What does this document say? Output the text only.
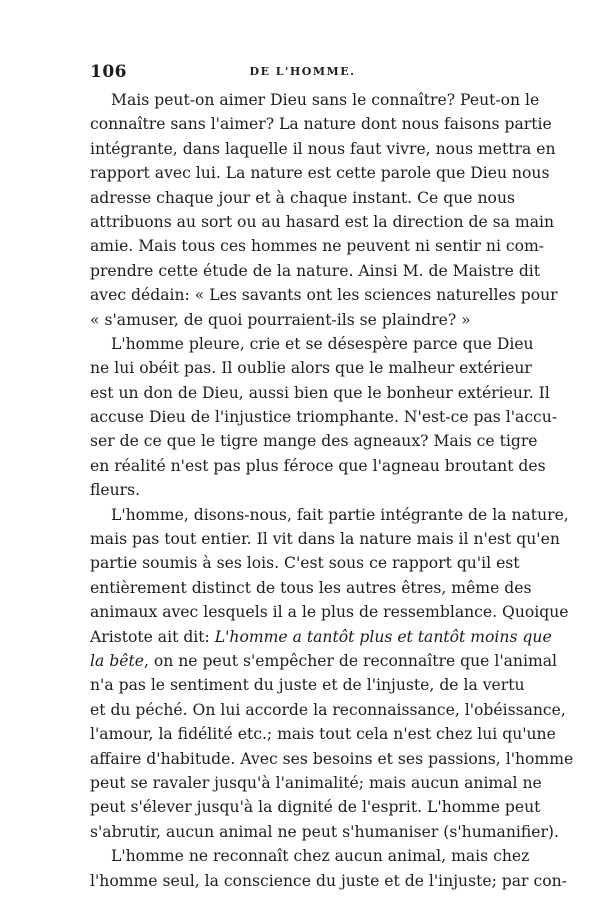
106	DE L'HOMME.
Mais peut-on aimer Dieu sans le connaître? Peut-on le
connaître sans l'aimer? La nature dont nous faisons partie
intégrante, dans laquelle il nous faut vivre, nous mettra en
rapport avec lui. La nature est cette parole que Dieu nous
adresse chaque jour et à chaque instant. Ce que nous
attribuons au sort ou au hasard est la direction de sa main
amie. Mais tous ces hommes ne peuvent ni sentir ni com-
prendre cette étude de la nature. Ainsi M. de Maistre dit
avec dédain: « Les savants ont les sciences naturelles pour
« s'amuser, de quoi pourraient-ils se plaindre? »
L'homme pleure, crie et se désespère parce que Dieu
ne lui obéit pas. Il oublie alors que le malheur extérieur
est un don de Dieu, aussi bien que le bonheur extérieur. Il
accuse Dieu de l'injustice triomphante. N'est-ce pas l'accu-
ser de ce que le tigre mange des agneaux? Mais ce tigre
en réalité n'est pas plus féroce que l'agneau broutant des
fleurs.
L'homme, disons-nous, fait partie intégrante de la nature,
mais pas tout entier. Il vit dans la nature mais il n'est qu'en
partie soumis à ses lois. C'est sous ce rapport qu'il est
entièrement distinct de tous les autres êtres, même des
animaux avec lesquels il a le plus de ressemblance. Quoique
Aristote ait dit: L'homme a tantôt plus et tantôt moins que
la bête, on ne peut s'empêcher de reconnaître que l'animal
n'a pas le sentiment du juste et de l'injuste, de la vertu
et du péché. On lui accorde la reconnaissance, l'obéissance,
l'amour, la fidélité etc.; mais tout cela n'est chez lui qu'une
affaire d'habitude. Avec ses besoins et ses passions, l'homme
peut se ravaler jusqu'à l'animalité; mais aucun animal ne
peut s'élever jusqu'à la dignité de l'esprit. L'homme peut
s'abrutir, aucun animal ne peut s'humaniser (s'humanifier).
L'homme ne reconnaît chez aucun animal, mais chez
l'homme seul, la conscience du juste et de l'injuste; par con-
